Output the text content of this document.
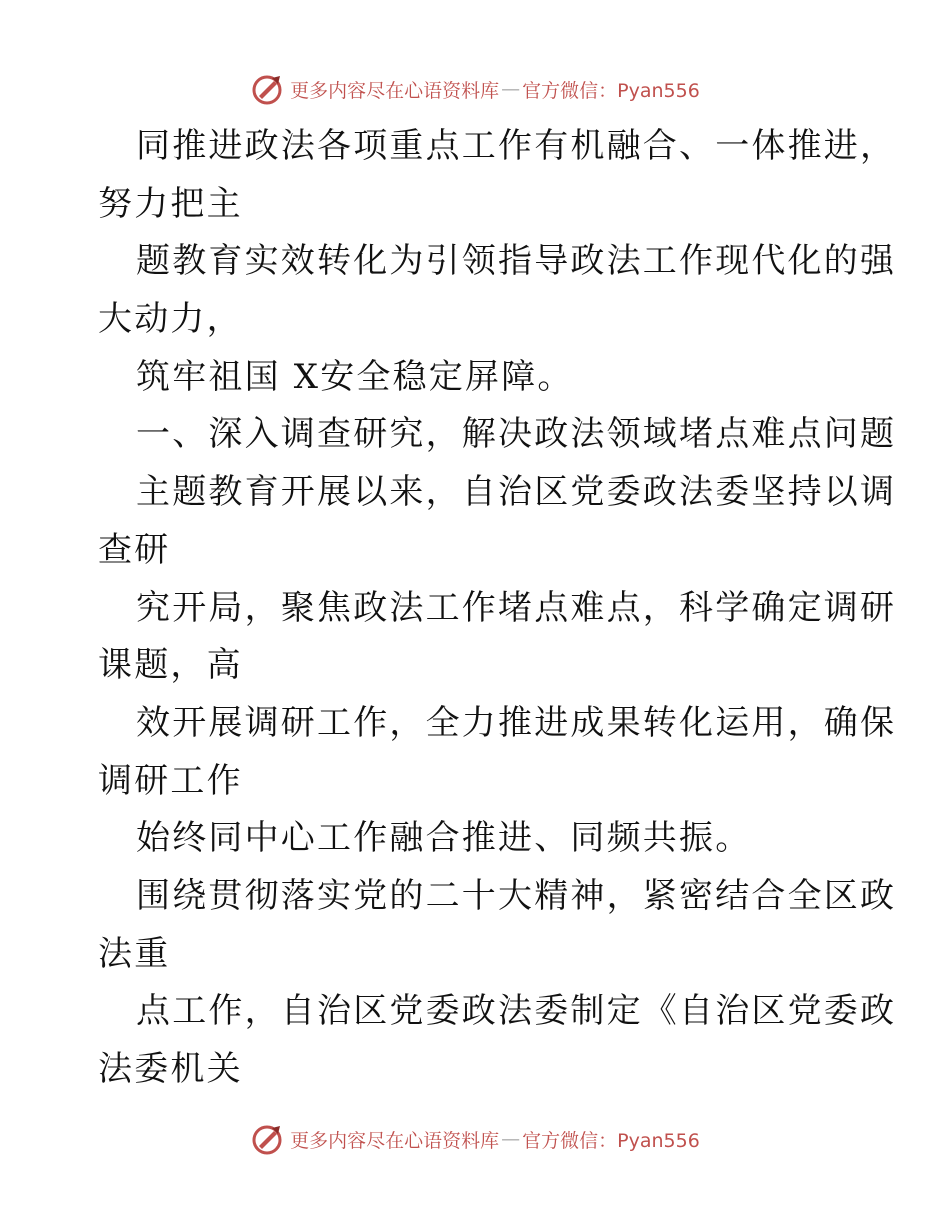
更多内容尽在心语资料库 — 官方微信：Pyan556
同推进政法各项重点工作有机融合、一体推进，
努力把主
题教育实效转化为引领指导政法工作现代化的强
大动力，
筑牢祖国 X安全稳定屏障。
一、深入调查研究，解决政法领域堵点难点问题
主题教育开展以来，自治区党委政法委坚持以调
查研
究开局，聚焦政法工作堵点难点，科学确定调研
课题，高
效开展调研工作，全力推进成果转化运用，确保
调研工作
始终同中心工作融合推进、同频共振。
围绕贯彻落实党的二十大精神，紧密结合全区政
法重
点工作，自治区党委政法委制定《自治区党委政
法委机关
更多内容尽在心语资料库 — 官方微信：Pyan556
